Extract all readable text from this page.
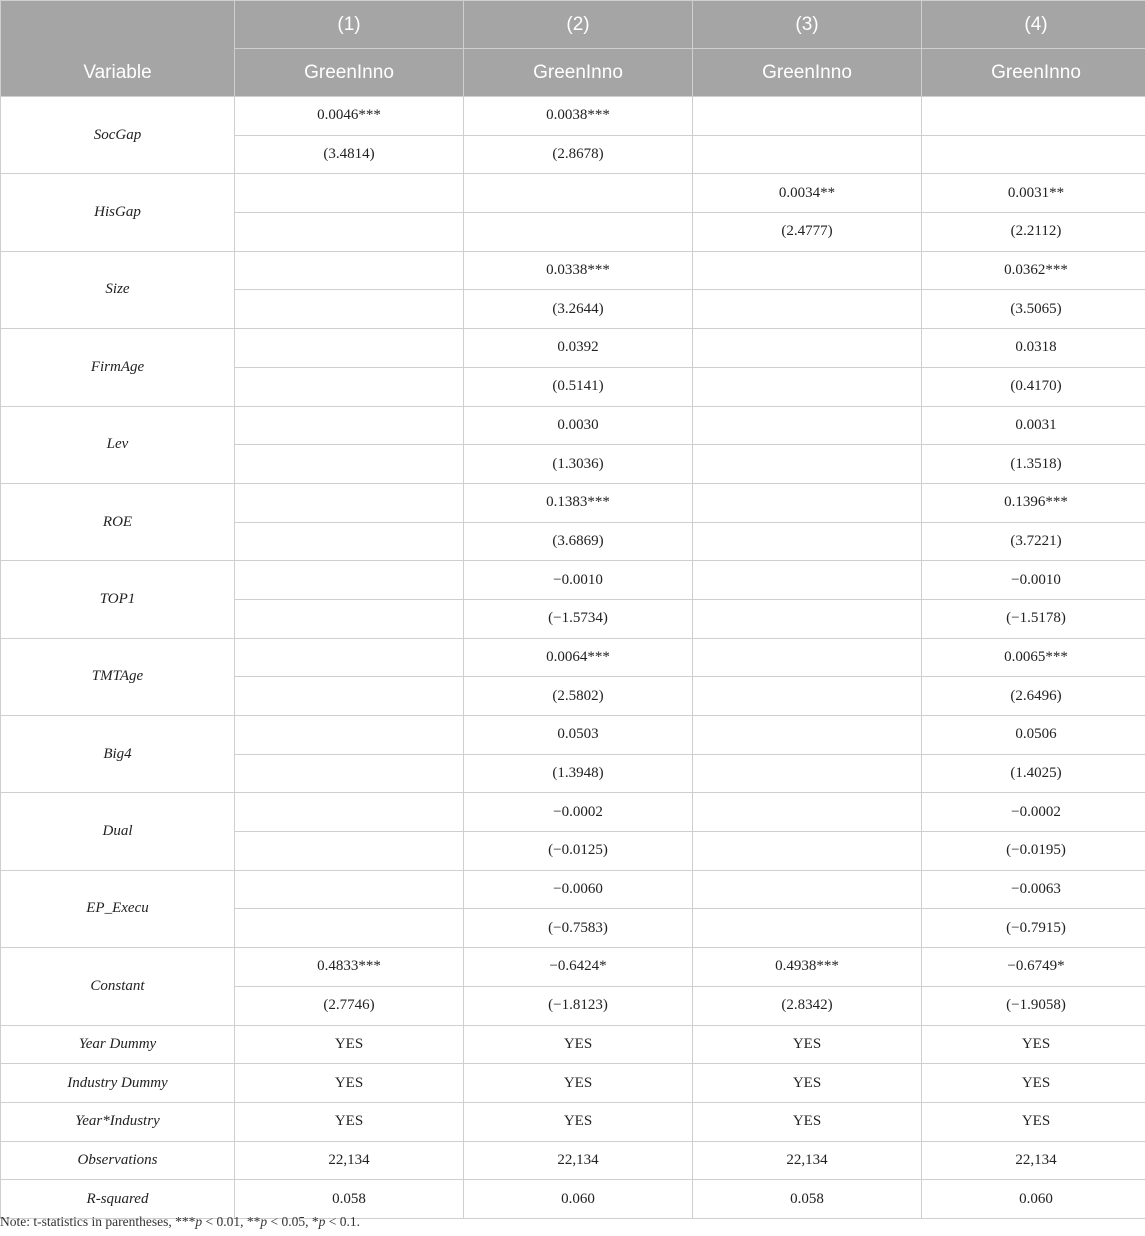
Variable	(1)	(2)	(3)	(4)
	GreenInno	GreenInno	GreenInno	GreenInno
SocGap	0.0046***	0.0038***		
	(3.4814)	(2.8678)		
HisGap			0.0034**	0.0031**
			(2.4777)	(2.2112)
Size		0.0338***		0.0362***
		(3.2644)		(3.5065)
FirmAge		0.0392		0.0318
		(0.5141)		(0.4170)
Lev		0.0030		0.0031
		(1.3036)		(1.3518)
ROE		0.1383***		0.1396***
		(3.6869)		(3.7221)
TOP1		−0.0010		−0.0010
		(−1.5734)		(−1.5178)
TMTAge		0.0064***		0.0065***
		(2.5802)		(2.6496)
Big4		0.0503		0.0506
		(1.3948)		(1.4025)
Dual		−0.0002		−0.0002
		(−0.0125)		(−0.0195)
EP_Execu		−0.0060		−0.0063
		(−0.7583)		(−0.7915)
Constant	0.4833***	−0.6424*	0.4938***	−0.6749*
	(2.7746)	(−1.8123)	(2.8342)	(−1.9058)
Year Dummy	YES	YES	YES	YES
Industry Dummy	YES	YES	YES	YES
Year*Industry	YES	YES	YES	YES
Observations	22,134	22,134	22,134	22,134
R-squared	0.058	0.060	0.058	0.060
Note: t-statistics in parentheses, ***p < 0.01, **p < 0.05, *p < 0.1.
